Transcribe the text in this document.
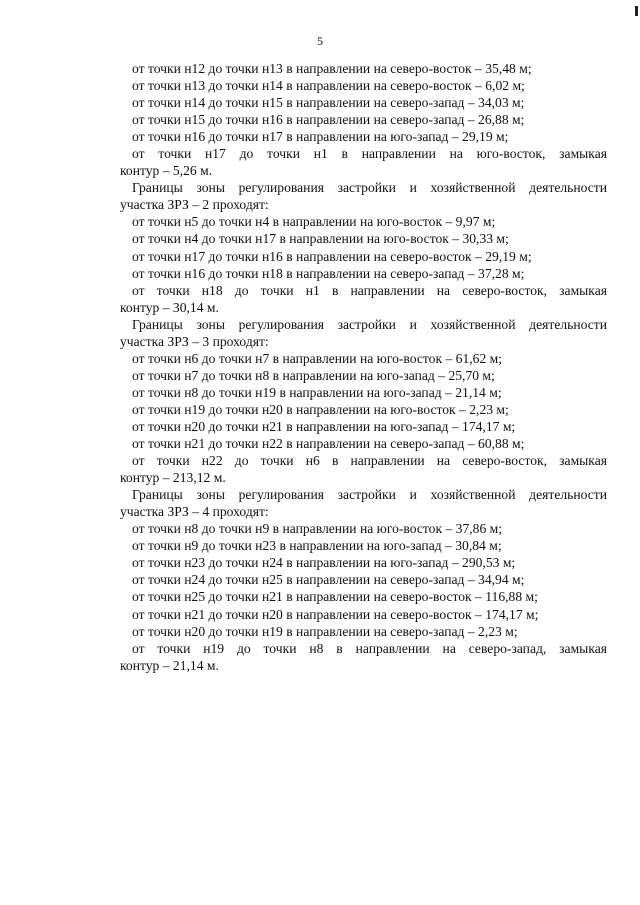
5
от точки н12 до точки н13 в направлении на северо-восток – 35,48 м;
от точки н13 до точки н14 в направлении на северо-восток – 6,02 м;
от точки н14 до точки н15 в направлении на северо-запад – 34,03 м;
от точки н15 до точки н16 в направлении на северо-запад – 26,88 м;
от точки н16 до точки н17 в направлении на юго-запад – 29,19 м;
от точки н17 до точки н1 в направлении на юго-восток, замыкая
контур – 5,26 м.
Границы зоны регулирования застройки и хозяйственной деятельности
участка ЗРЗ – 2 проходят:
от точки н5 до точки н4 в направлении на юго-восток – 9,97 м;
от точки н4 до точки н17 в направлении на юго-восток – 30,33 м;
от точки н17 до точки н16 в направлении на северо-восток – 29,19 м;
от точки н16 до точки н18 в направлении на северо-запад – 37,28 м;
от точки н18 до точки н1 в направлении на северо-восток, замыкая
контур – 30,14 м.
Границы зоны регулирования застройки и хозяйственной деятельности
участка ЗРЗ – 3 проходят:
от точки н6 до точки н7 в направлении на юго-восток – 61,62 м;
от точки н7 до точки н8 в направлении на юго-запад – 25,70 м;
от точки н8 до точки н19 в направлении на юго-запад – 21,14 м;
от точки н19 до точки н20 в направлении на юго-восток – 2,23 м;
от точки н20 до точки н21 в направлении на юго-запад – 174,17 м;
от точки н21 до точки н22 в направлении на северо-запад – 60,88 м;
от точки н22 до точки н6 в направлении на северо-восток, замыкая
контур – 213,12 м.
Границы зоны регулирования застройки и хозяйственной деятельности
участка ЗРЗ – 4 проходят:
от точки н8 до точки н9 в направлении на юго-восток – 37,86 м;
от точки н9 до точки н23 в направлении на юго-запад – 30,84 м;
от точки н23 до точки н24 в направлении на юго-запад – 290,53 м;
от точки н24 до точки н25 в направлении на северо-запад – 34,94 м;
от точки н25 до точки н21 в направлении на северо-восток – 116,88 м;
от точки н21 до точки н20 в направлении на северо-восток – 174,17 м;
от точки н20 до точки н19 в направлении на северо-запад – 2,23 м;
от точки н19 до точки н8 в направлении на северо-запад, замыкая
контур – 21,14 м.
